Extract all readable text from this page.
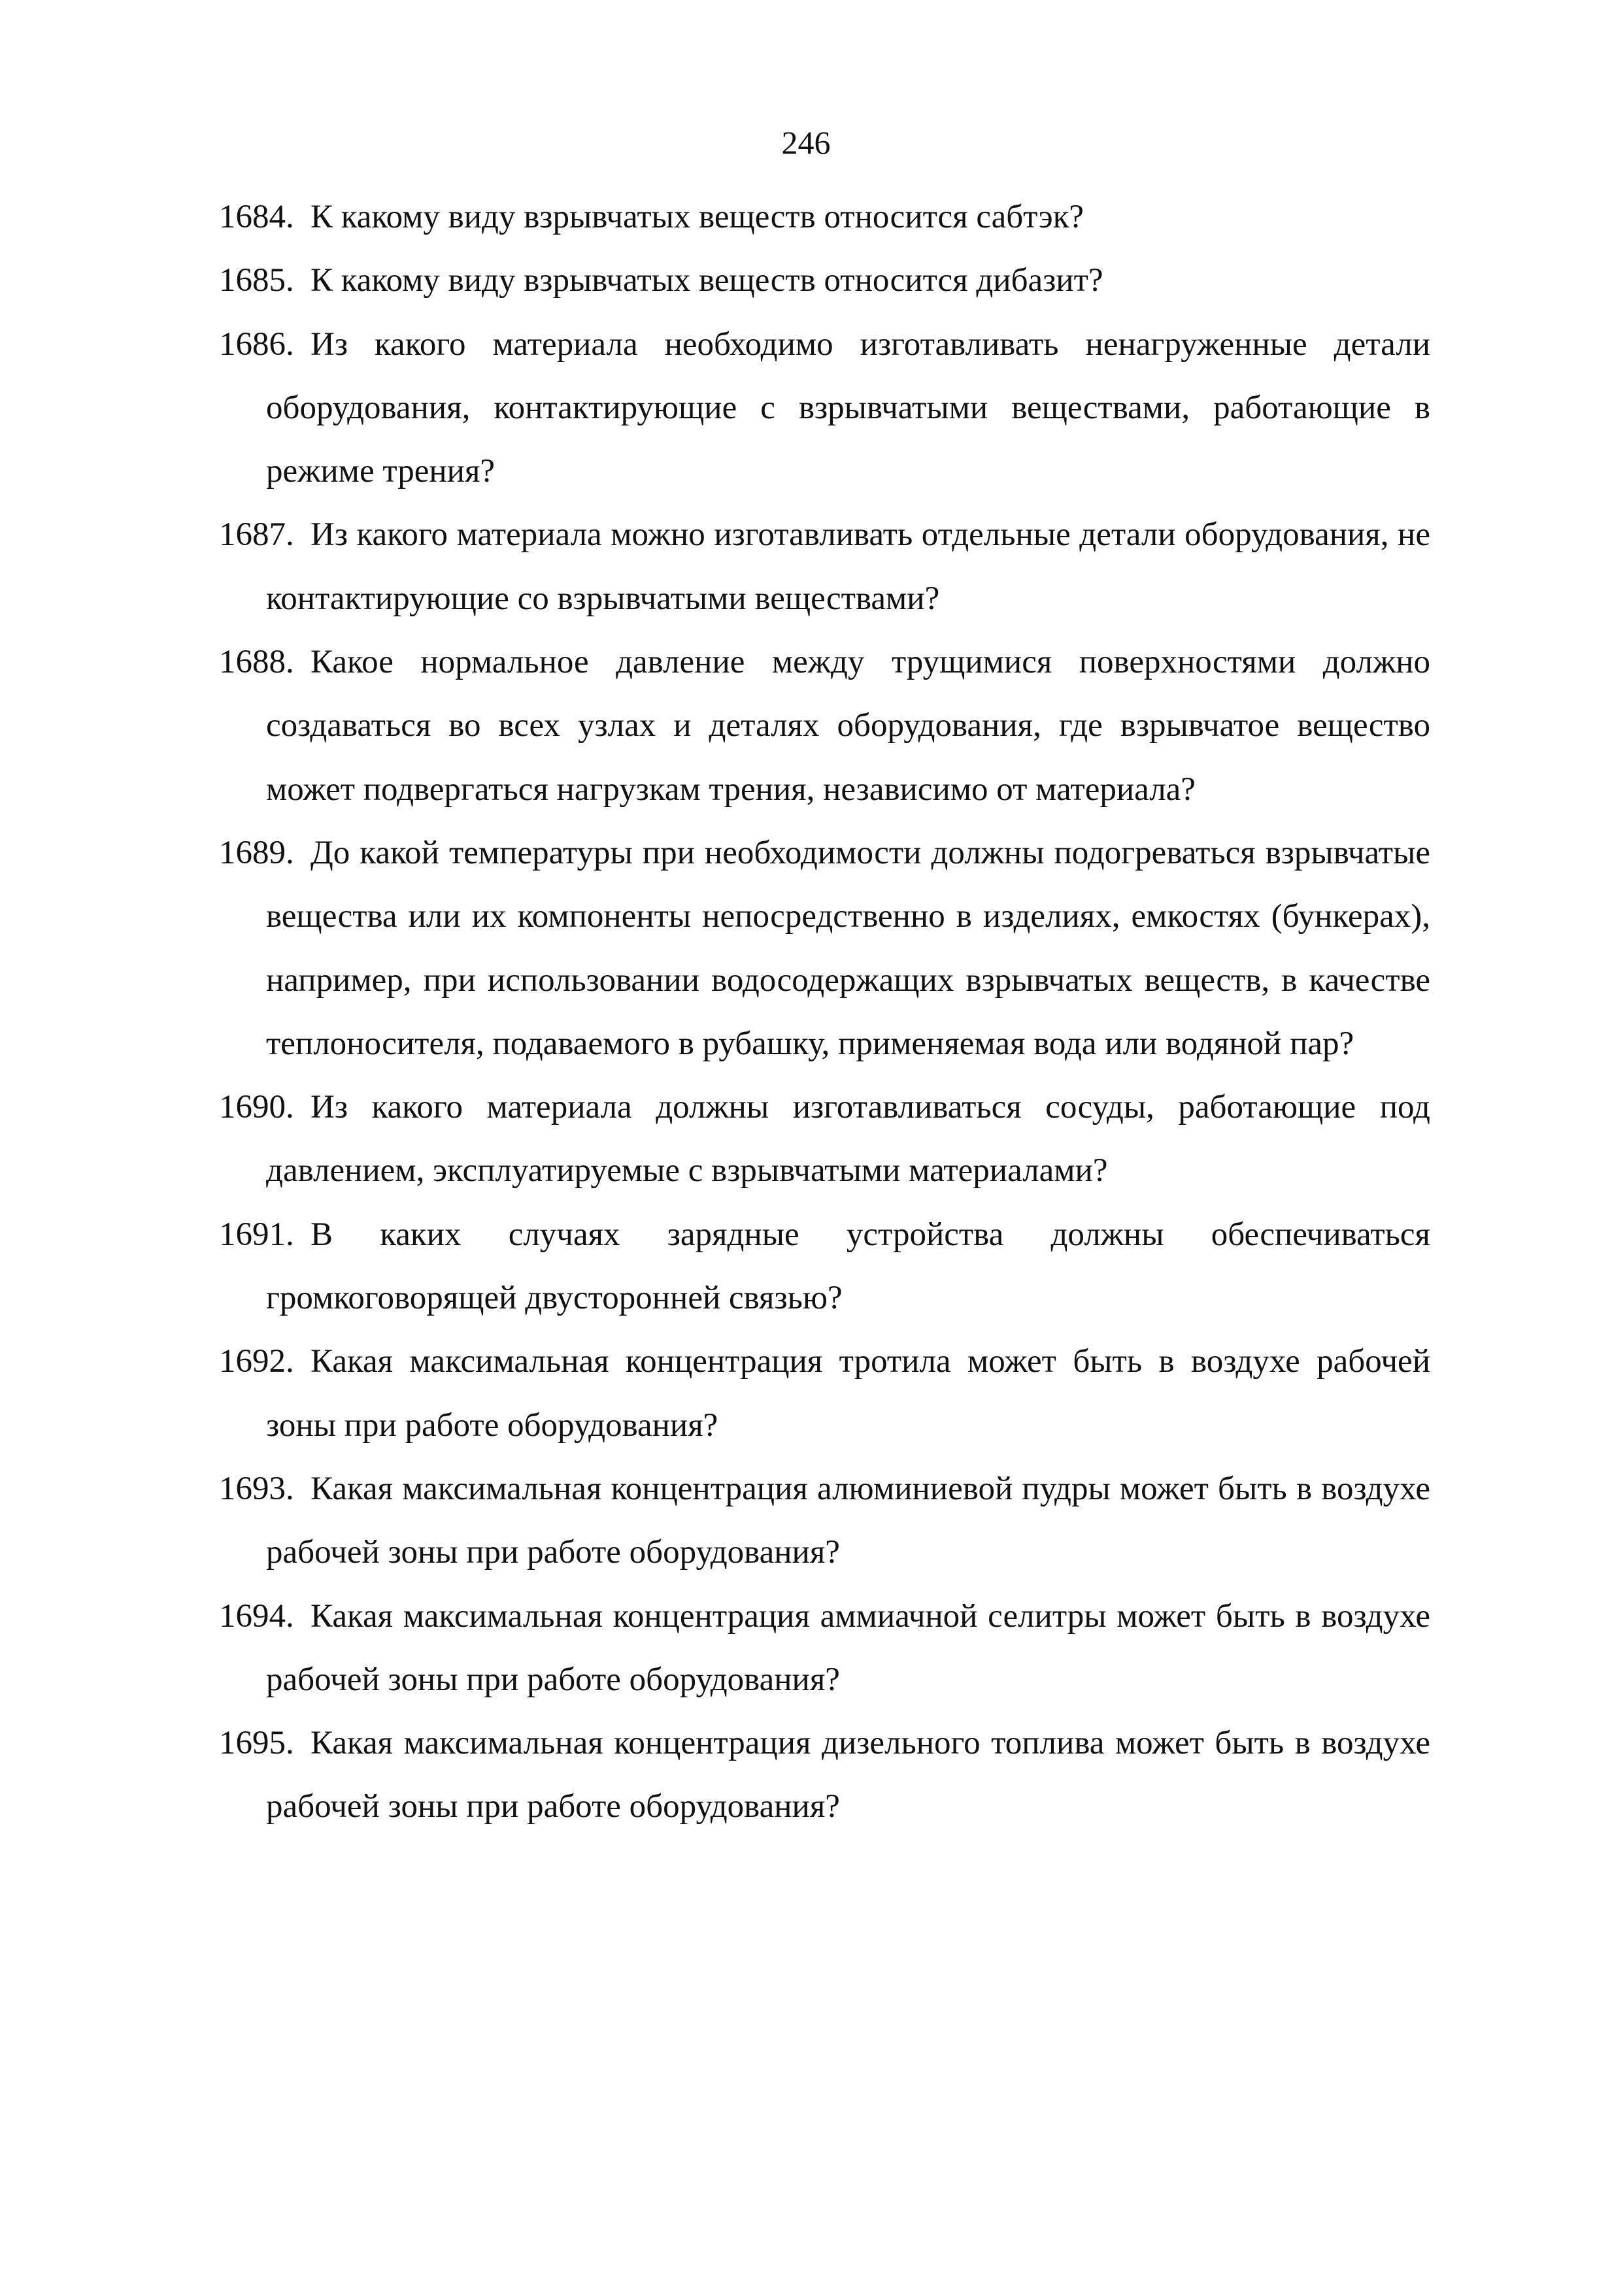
246
1684. К какому виду взрывчатых веществ относится сабтэк?
1685. К какому виду взрывчатых веществ относится дибазит?
1686. Из какого материала необходимо изготавливать ненагруженные детали оборудования, контактирующие с взрывчатыми веществами, работающие в режиме трения?
1687. Из какого материала можно изготавливать отдельные детали оборудования, не контактирующие со взрывчатыми веществами?
1688. Какое нормальное давление между трущимися поверхностями должно создаваться во всех узлах и деталях оборудования, где взрывчатое вещество может подвергаться нагрузкам трения, независимо от материала?
1689. До какой температуры при необходимости должны подогреваться взрывчатые вещества или их компоненты непосредственно в изделиях, емкостях (бункерах), например, при использовании водосодержащих взрывчатых веществ, в качестве теплоносителя, подаваемого в рубашку, применяемая вода или водяной пар?
1690. Из какого материала должны изготавливаться сосуды, работающие под давлением, эксплуатируемые с взрывчатыми материалами?
1691. В каких случаях зарядные устройства должны обеспечиваться громкоговорящей двусторонней связью?
1692. Какая максимальная концентрация тротила может быть в воздухе рабочей зоны при работе оборудования?
1693. Какая максимальная концентрация алюминиевой пудры может быть в воздухе рабочей зоны при работе оборудования?
1694. Какая максимальная концентрация аммиачной селитры может быть в воздухе рабочей зоны при работе оборудования?
1695. Какая максимальная концентрация дизельного топлива может быть в воздухе рабочей зоны при работе оборудования?
